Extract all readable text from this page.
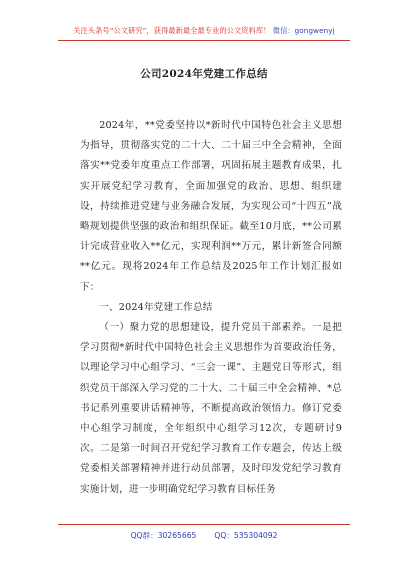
关注头条号“公文研究”，获得最新最全最专业的公文资料库！ 微信：gongwenyj
公司2024年党建工作总结

2024年，**党委坚持以*新时代中国特色社会主义思想为指导，贯彻落实党的二十大、二十届三中全会精神，全面落实**党委年度重点工作部署，巩固拓展主题教育成果，扎实开展党纪学习教育，全面加强党的政治、思想、组织建设，持续推进党建与业务融合发展，为实现公司“十四五”战略规划提供坚强的政治和组织保证。截至10月底，**公司累计完成营业收入**亿元，实现利润**万元，累计新签合同额**亿元。现将2024年工作总结及2025年工作计划汇报如下：

一、2024年党建工作总结

（一）聚力党的思想建设，提升党员干部素养。一是把学习贯彻*新时代中国特色社会主义思想作为首要政治任务，以理论学习中心组学习、“三会一课”、主题党日等形式，组织党员干部深入学习党的二十大、二十届三中全会精神、*总书记系列重要讲话精神等，不断提高政治领悟力。修订党委中心组学习制度，全年组织中心组学习12次，专题研讨9次。二是第一时间召开党纪学习教育工作专题会，传达上级党委相关部署精神并进行动员部署，及时印发党纪学习教育实施计划，进一步明确党纪学习教育目标任务

QQ群：30265665 QQ：535304092
